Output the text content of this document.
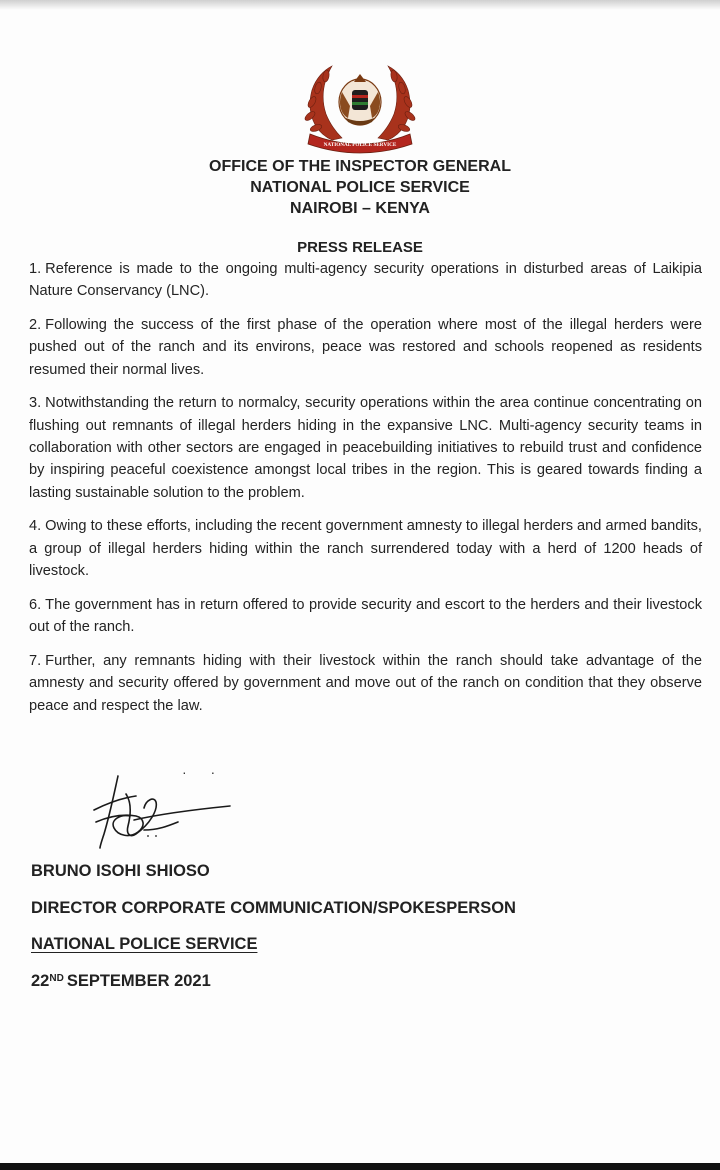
NATIONAL POLICE SERVICE
OFFICE OF THE INSPECTOR GENERAL
NATIONAL POLICE SERVICE
NAIROBI – KENYA
PRESS RELEASE

1. Reference is made to the ongoing multi-agency security operations in disturbed areas of Laikipia Nature Conservancy (LNC).

2. Following the success of the first phase of the operation where most of the illegal herders were pushed out of the ranch and its environs, peace was restored and schools reopened as residents resumed their normal lives.

3. Notwithstanding the return to normalcy, security operations within the area continue concentrating on flushing out remnants of illegal herders hiding in the expansive LNC. Multi-agency security teams in collaboration with other sectors are engaged in peacebuilding initiatives to rebuild trust and confidence by inspiring peaceful coexistence amongst local tribes in the region. This is geared towards finding a lasting sustainable solution to the problem.

4. Owing to these efforts, including the recent government amnesty to illegal herders and armed bandits, a group of illegal herders hiding within the ranch surrendered today with a herd of 1200 heads of livestock.

6. The government has in return offered to provide security and escort to the herders and their livestock out of the ranch.

7. Further, any remnants hiding with their livestock within the ranch should take advantage of the amnesty and security offered by government and move out of the ranch on condition that they observe peace and respect the law.

· ·
BRUNO ISOHI SHIOSO
DIRECTOR CORPORATE COMMUNICATION/SPOKESPERSON
NATIONAL POLICE SERVICE
22ND SEPTEMBER 2021
